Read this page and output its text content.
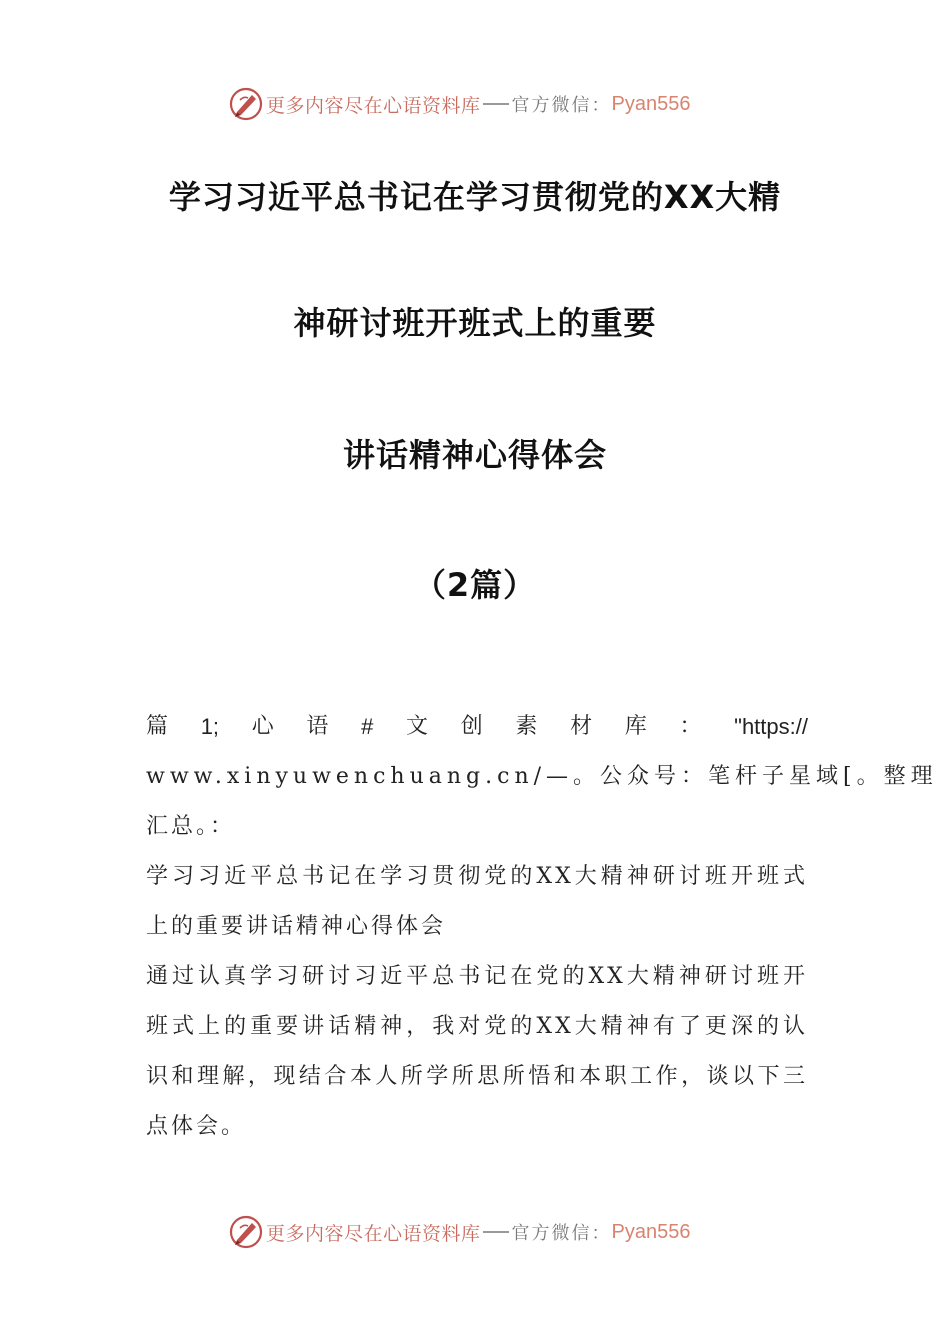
更多内容尽在心语资料库 官方微信： Pyan556
学习习近平总书记在学习贯彻党的XX大精
神研讨班开班式上的重要
讲话精神心得体会
（2篇）
篇 1; 心 语 # 文 创 素 材 库 ： "https://
www.xinyuwenchuang.cn/—。公众号：笔杆子星域[。整理
汇总。：

学习习近平总书记在学习贯彻党的XX大精神研讨班开班式上的重要讲话精神心得体会

通过认真学习研讨习近平总书记在党的XX大精神研讨班开班式上的重要讲话精神，我对党的XX大精神有了更深的认识和理解，现结合本人所学所思所悟和本职工作，谈以下三点体会。

更多内容尽在心语资料库 官方微信： Pyan556
